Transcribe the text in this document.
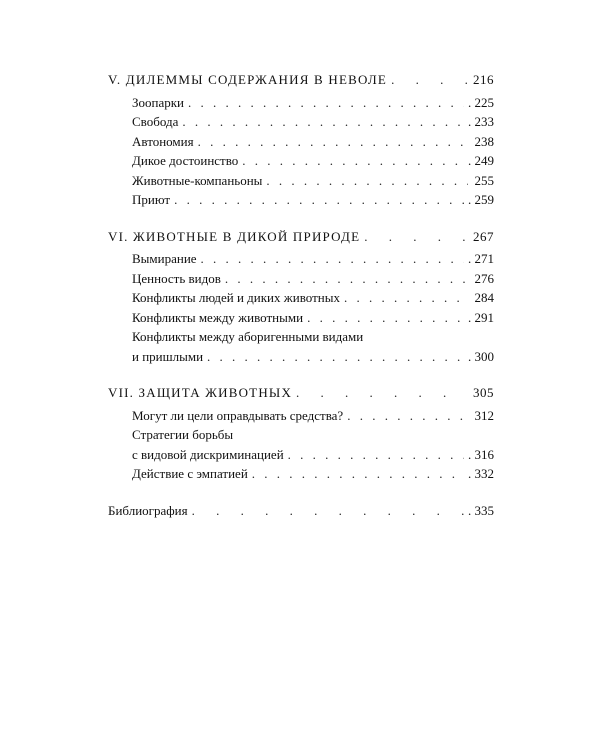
V. ДИЛЕММЫ СОДЕРЖАНИЯ В НЕВОЛЕ . . .	216
Зоопарки . . .	. 225
Свобода . . .	. 233
Автономия . . .	238
Дикое достоинство . . .	. 249
Животные-компаньоны . . .	255
Приют . . .	. 259
VI. ЖИВОТНЫЕ В ДИКОЙ ПРИРОДЕ . . .	267
Вымирание . . .	. 271
Ценность видов . . .	276
Конфликты людей и диких животных . . .	284
Конфликты между животными . . .	. 291
Конфликты между аборигенными видами
и пришлыми . . .	. 300
VII. ЗАЩИТА ЖИВОТНЫХ . . .	305
Могут ли цели оправдывать средства? . . .	312
Стратегии борьбы
с видовой дискриминацией . . .	. 316
Действие с эмпатией . . .	. 332
Библиография . . .	. 335
